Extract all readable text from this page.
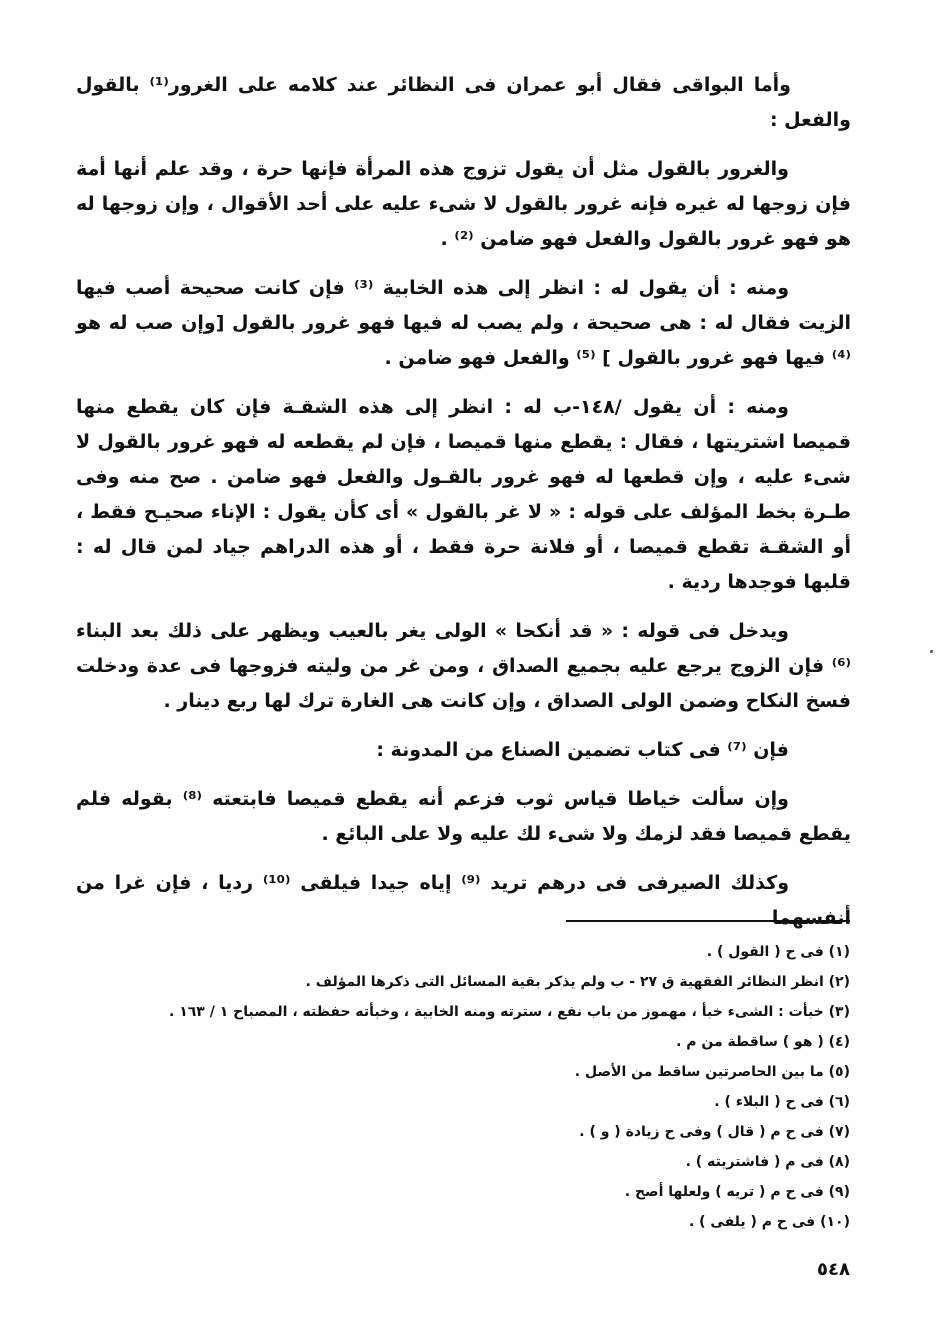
وأما البواقى فقال أبو عمران فى النظائر عند كلامه على الغرور⁽¹⁾ بالقول والفعل :

والغرور بالقول مثل أن يقول تزوج هذه المرأة فإنها حرة ، وقد علم أنها أمة فإن زوجها له غيره فإنه غرور بالقول لا شىء عليه على أحد الأقوال ، وإن زوجها له هو فهو غرور بالقول والفعل فهو ضامن ⁽²⁾ .

ومنه : أن يقول له : انظر إلى هذه الخابية ⁽³⁾ فإن كانت صحيحة أصب فيها الزيت فقال له : هى صحيحة ، ولم يصب له فيها فهو غرور بالقول [وإن صب له هو ⁽⁴⁾ فيها فهو غرور بالقول ] ⁽⁵⁾ والفعل فهو ضامن .

ومنه : أن يقول /١٤٨-ب له : انظر إلى هذه الشقـة فإن كان يقطع منها قميصا اشتريتها ، فقال : يقطع منها قميصا ، فإن لم يقطعه له فهو غرور بالقول لا شىء عليه ، وإن قطعها له فهو غرور بالقـول والفعل فهو ضامن . صح منه وفى طـرة بخط المؤلف على قوله : « لا غر بالقول » أى كأن يقول : الإناء صحيـح فقط ، أو الشقـة تقطع قميصا ، أو فلانة حرة فقط ، أو هذه الدراهم جياد لمن قال له : قلبها فوجدها ردية .

ويدخل فى قوله : « قد أنكحا » الولى يغر بالعيب ويظهر على ذلك بعد البناء ⁽⁶⁾ فإن الزوج يرجع عليه بجميع الصداق ، ومن غر من وليته فزوجها فى عدة ودخلت فسخ النكاح وضمن الولى الصداق ، وإن كانت هى الغارة ترك لها ربع دينار .

فإن ⁽⁷⁾ فى كتاب تضمين الصناع من المدونة :

وإن سألت خياطا قياس ثوب فزعم أنه يقطع قميصا فابتعته ⁽⁸⁾ بقوله فلم يقطع قميصا فقد لزمك ولا شىء لك عليه ولا على البائع .

وكذلك الصيرفى فى درهم تريد ⁽⁹⁾ إياه جيدا فيلقى ⁽¹⁰⁾ رديا ، فإن غرا من أنفسهما

(١) فى ح ( القول ) .
(٢) انظر النظائر الفقهية ق ٢٧ - ب ولم يذكر بقية المسائل التى ذكرها المؤلف .
(٣) خبأت : الشىء خبأ ، مهموز من باب نفع ، سترته ومنه الخابية ، وخبأته حفظته ، المصباح ١ / ١٦٣ .
(٤) ( هو ) ساقطة من م .
(٥) ما بين الحاصرتين ساقط من الأصل .
(٦) فى ح ( البلاء ) .
(٧) فى ح م ( قال ) وفى ح زيادة ( و ) .
(٨) فى م ( فاشتريته ) .
(٩) فى ح م ( تريه ) ولعلها أصح .
(١٠) فى ح م ( يلفى ) .
٥٤٨
